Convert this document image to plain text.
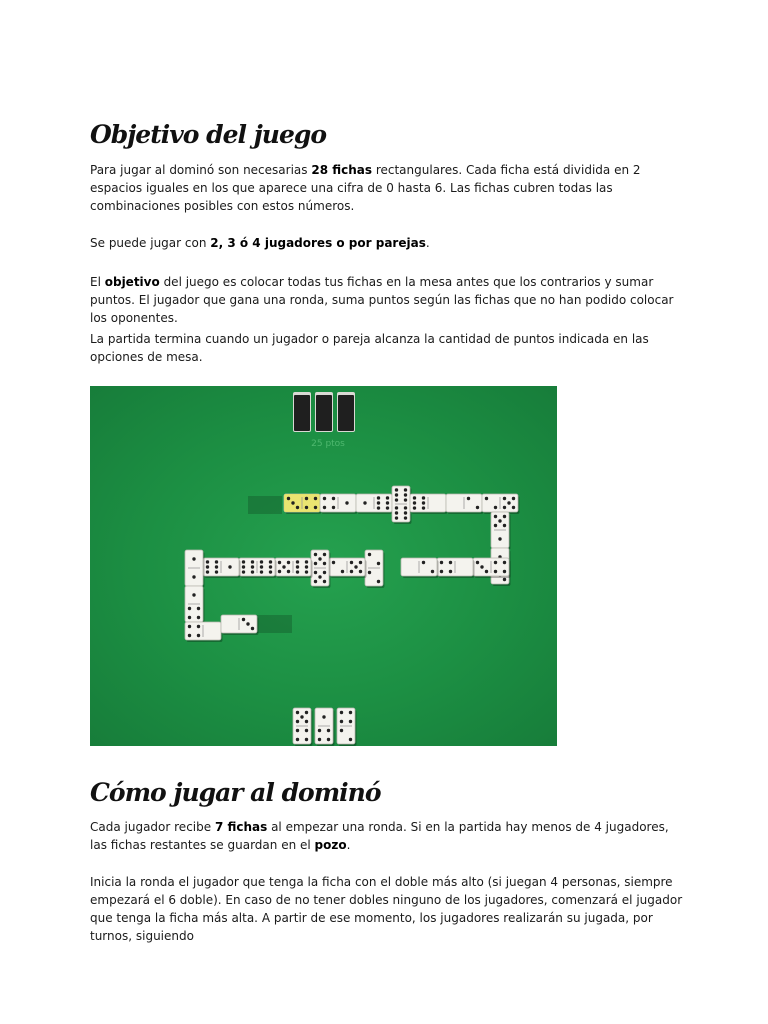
Objetivo del juego

Para jugar al dominó son necesarias 28 fichas rectangulares. Cada ficha está dividida en 2 espacios iguales en los que aparece una cifra de 0 hasta 6. Las fichas cubren todas las combinaciones posibles con estos números.

Se puede jugar con 2, 3 ó 4 jugadores o por parejas.

El objetivo del juego es colocar todas tus fichas en la mesa antes que los contrarios y sumar puntos. El jugador que gana una ronda, suma puntos según las fichas que no han podido colocar los oponentes.

La partida termina cuando un jugador o pareja alcanza la cantidad de puntos indicada en las opciones de mesa.

25 ptos
Cómo jugar al dominó

Cada jugador recibe 7 fichas al empezar una ronda. Si en la partida hay menos de 4 jugadores, las fichas restantes se guardan en el pozo.

Inicia la ronda el jugador que tenga la ficha con el doble más alto (si juegan 4 personas, siempre empezará el 6 doble). En caso de no tener dobles ninguno de los jugadores, comenzará el jugador que tenga la ficha más alta. A partir de ese momento, los jugadores realizarán su jugada, por turnos, siguiendo
